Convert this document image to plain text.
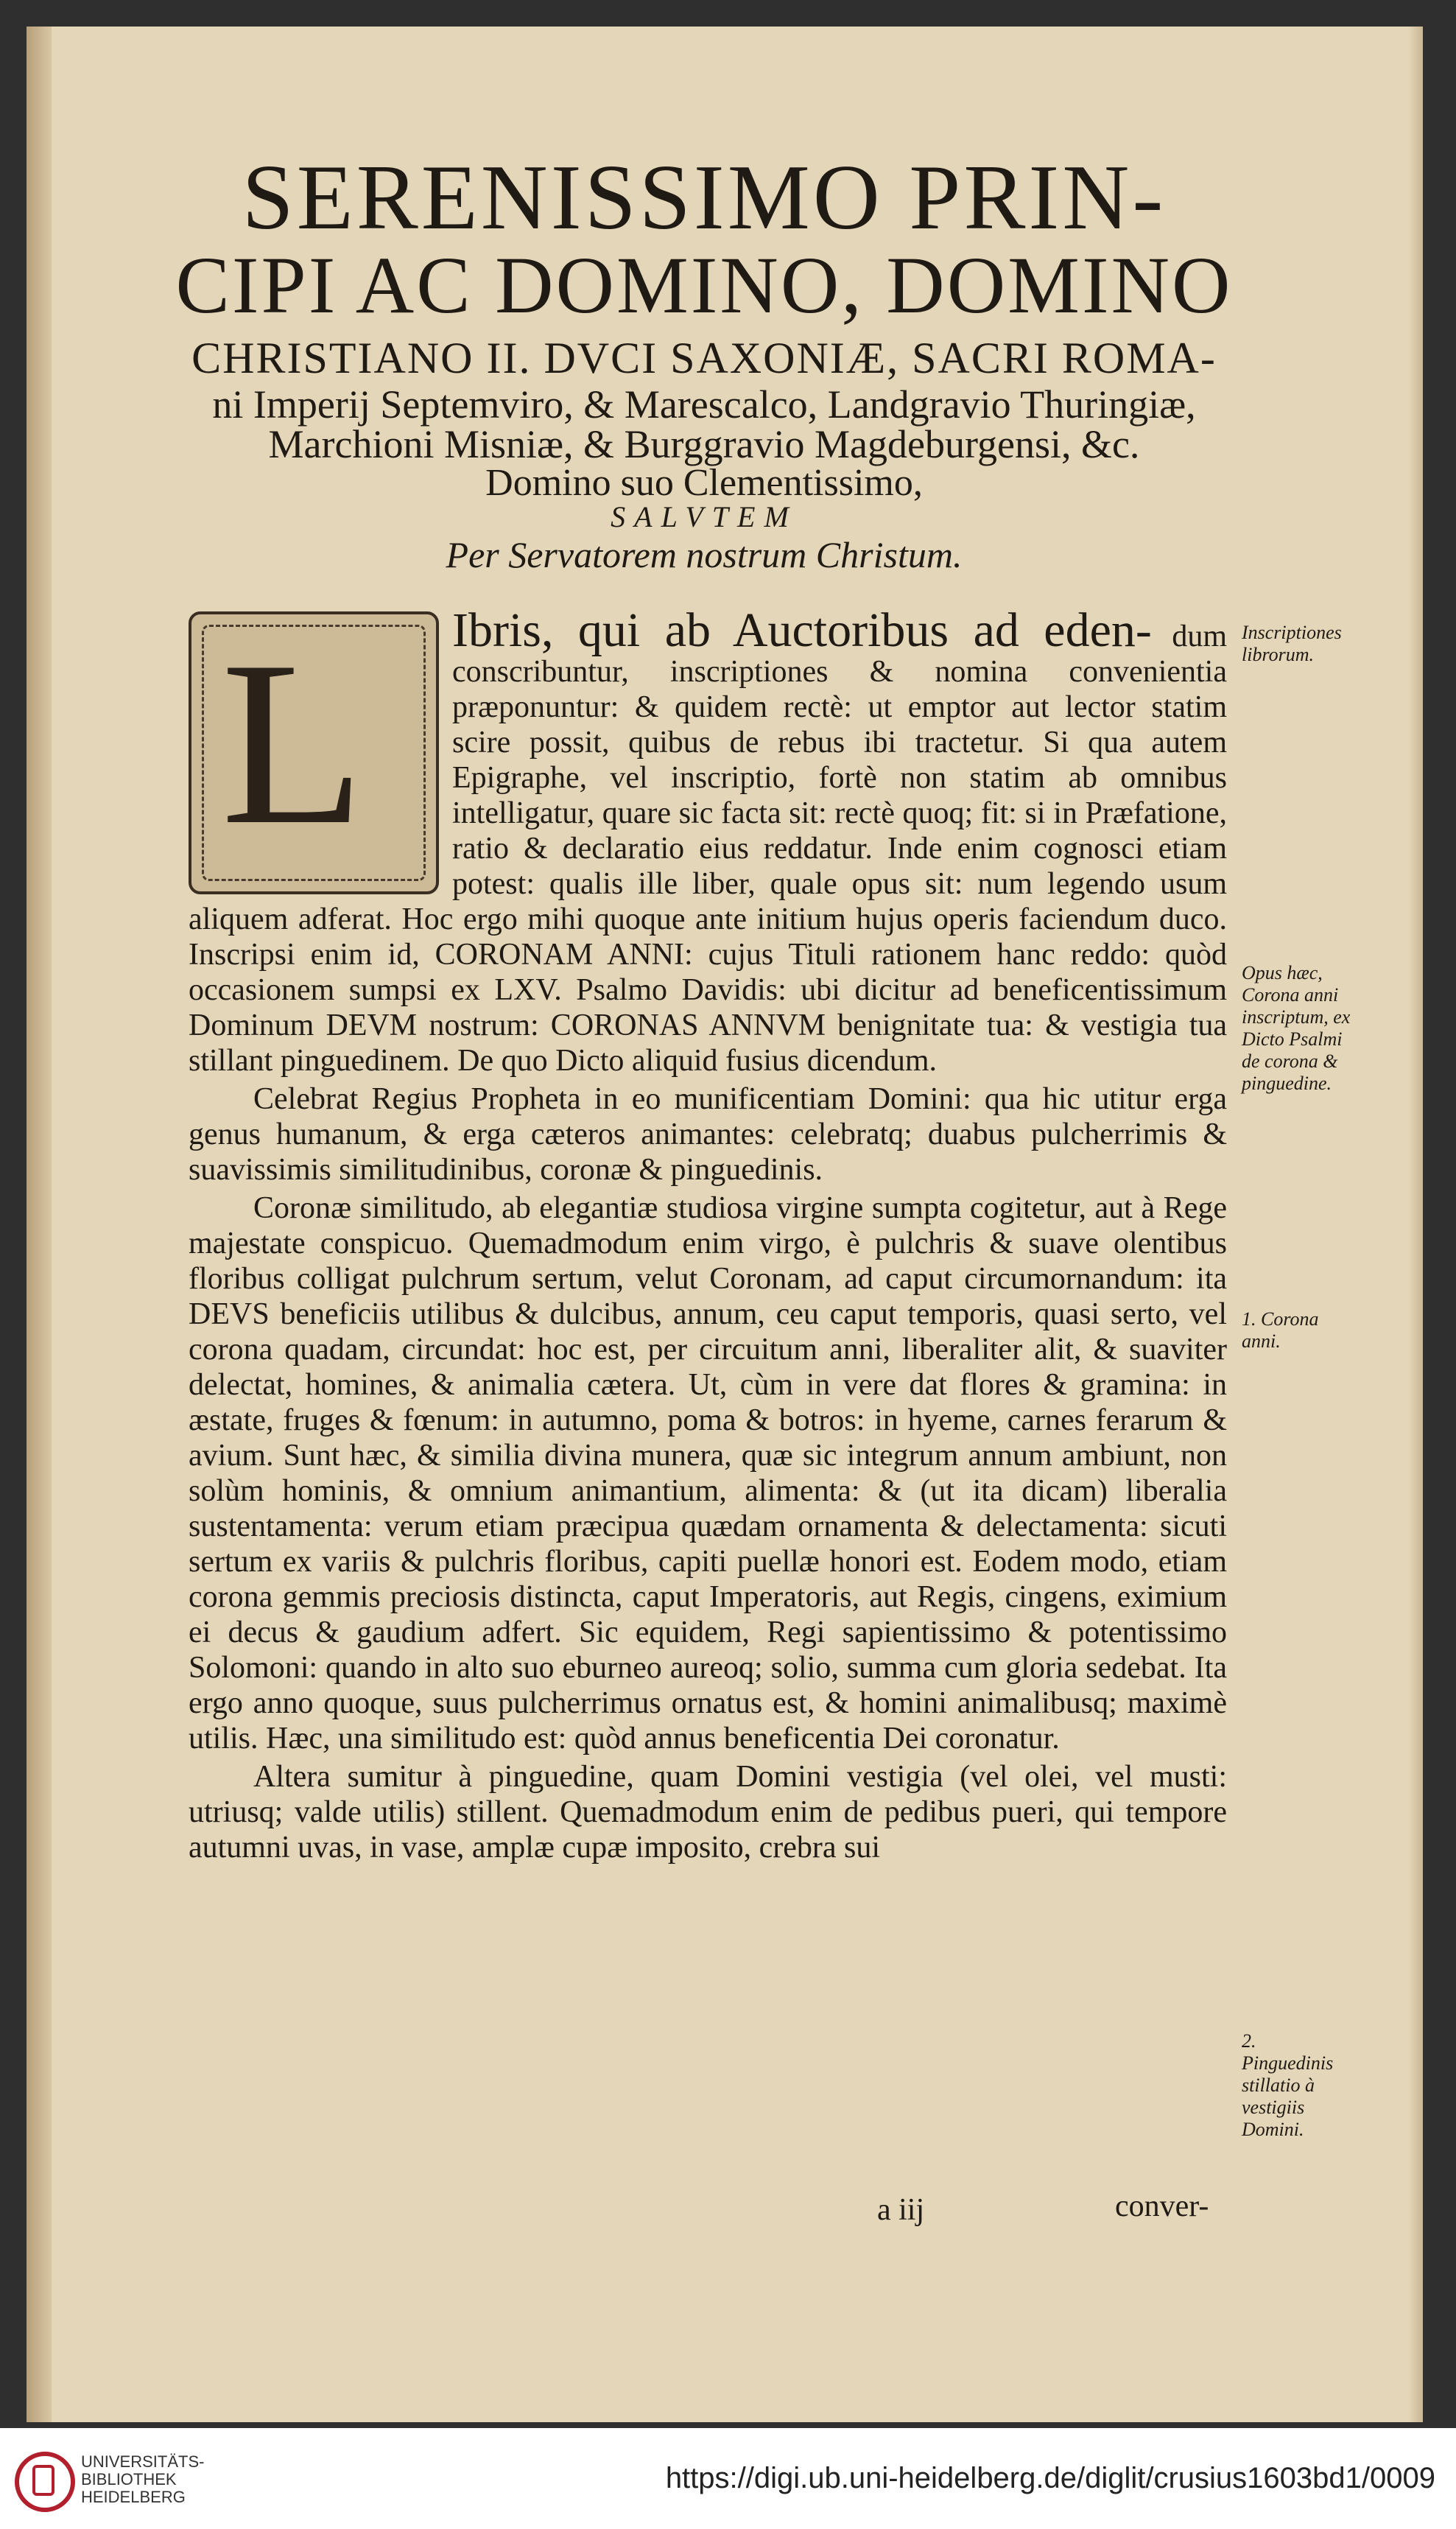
SERENISSIMO PRIN-
CIPI AC DOMINO, DOMINO
CHRISTIANO II. DVCI SAXONIÆ, SACRI ROMA-
ni Imperij Septemviro, & Marescalco, Landgravio Thuringiæ,
Marchioni Misniæ, & Burggravio Magdeburgensi, &c.
Domino suo Clementissimo,
SALVTEM
Per Servatorem nostrum Christum.
L	Ibris, qui ab Auctoribus ad eden- dum conscribuntur, inscriptiones & nomina convenientia præponuntur: & quidem rectè: ut emptor aut lector statim scire possit, quibus de rebus ibi tractetur. Si qua autem Epigraphe, vel inscriptio, fortè non statim ab omnibus intelligatur, quare sic facta sit: rectè quoq; fit: si in Præfatione, ratio & declaratio eius reddatur. Inde enim cognosci etiam potest: qualis ille liber, quale opus sit: num legendo usum aliquem adferat. Hoc ergo mihi quoque ante initium hujus operis faciendum duco. Inscripsi enim id, CORONAM ANNI: cujus Tituli rationem hanc reddo: quòd occasionem sumpsi ex LXV. Psalmo Davidis: ubi dicitur ad beneficentissimum Dominum DEVM nostrum: CORONAS ANNVM benignitate tua: & vestigia tua stillant pinguedinem. De quo Dicto aliquid fusius dicendum.

Celebrat Regius Propheta in eo munificentiam Domini: qua hic utitur erga genus humanum, & erga cæteros animantes: celebratq; duabus pulcherrimis & suavissimis similitudinibus, coronæ & pinguedinis.

Coronæ similitudo, ab elegantiæ studiosa virgine sumpta cogitetur, aut à Rege majestate conspicuo. Quemadmodum enim virgo, è pulchris & suave olentibus floribus colligat pulchrum sertum, velut Coronam, ad caput circumornandum: ita DEVS beneficiis utilibus & dulcibus, annum, ceu caput temporis, quasi serto, vel corona quadam, circundat: hoc est, per circuitum anni, liberaliter alit, & suaviter delectat, homines, & animalia cætera. Ut, cùm in vere dat flores & gramina: in æstate, fruges & fœnum: in autumno, poma & botros: in hyeme, carnes ferarum & avium. Sunt hæc, & similia divina munera, quæ sic integrum annum ambiunt, non solùm hominis, & omnium animantium, alimenta: & (ut ita dicam) liberalia sustentamenta: verum etiam præcipua quædam ornamenta & delectamenta: sicuti sertum ex variis & pulchris floribus, capiti puellæ honori est. Eodem modo, etiam corona gemmis preciosis distincta, caput Imperatoris, aut Regis, cingens, eximium ei decus & gaudium adfert. Sic equidem, Regi sapientissimo & potentissimo Solomoni: quando in alto suo eburneo aureoq; solio, summa cum gloria sedebat. Ita ergo anno quoque, suus pulcherrimus ornatus est, & homini animalibusq; maximè utilis. Hæc, una similitudo est: quòd annus beneficentia Dei coronatur.

Altera sumitur à pinguedine, quam Domini vestigia (vel olei, vel musti: utriusq; valde utilis) stillent. Quemadmodum enim de pedibus pueri, qui tempore autumni uvas, in vase, amplæ cupæ imposito, crebra sui

Inscriptiones librorum.
Opus hæc, Corona anni inscriptum, ex Dicto Psalmi de corona & pinguedine.
1. Corona anni.
2. Pinguedinis stillatio à vestigiis Domini.
a iij	conver-
UNIVERSITÄTS-
BIBLIOTHEK
HEIDELBERG
https://digi.ub.uni-heidelberg.de/diglit/crusius1603bd1/0009
